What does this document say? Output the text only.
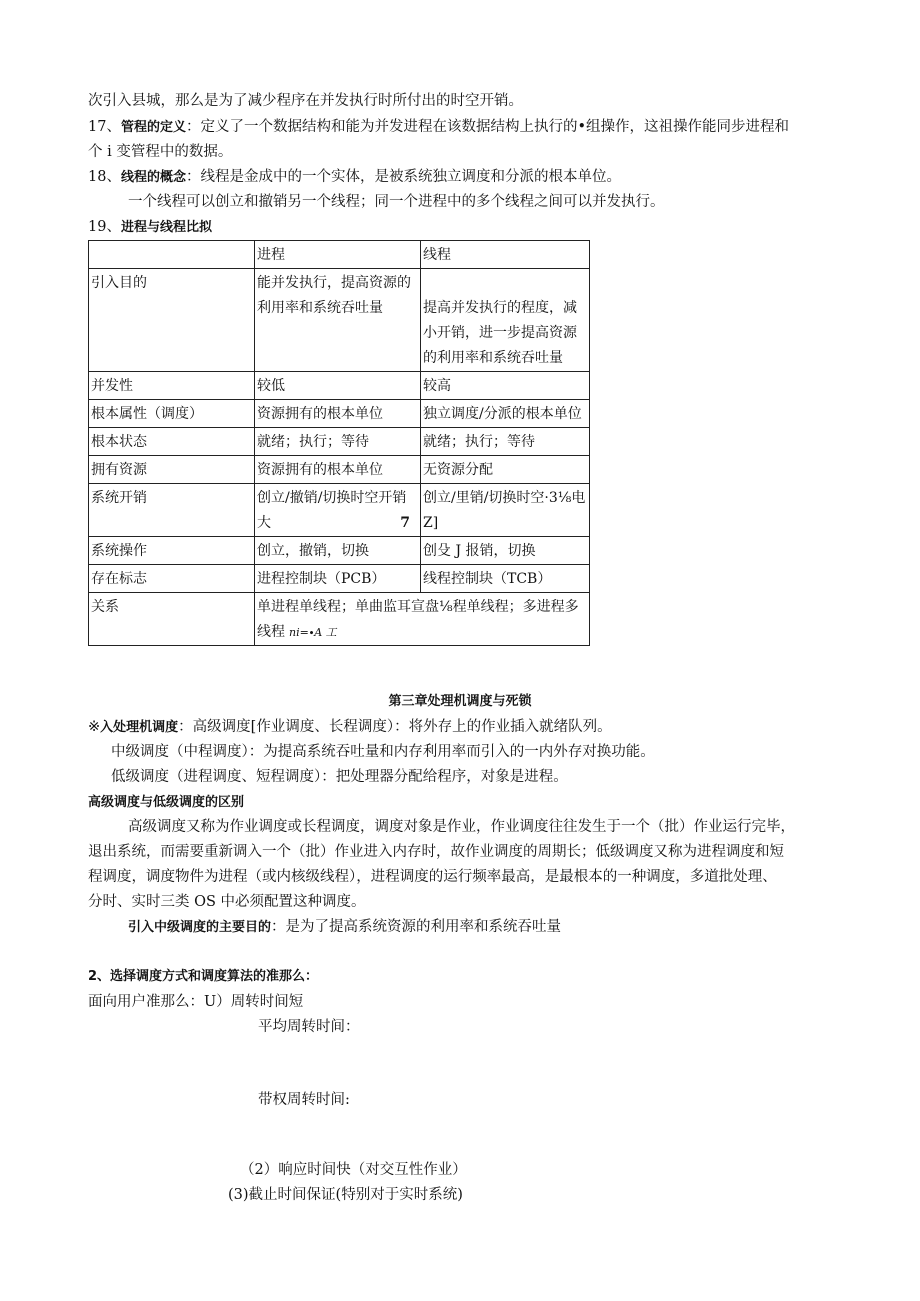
次引入县城，那么是为了减少程序在并发执行时所付出的时空开销。
17、管程的定义：定义了一个数据结构和能为并发进程在该数据结构上执行的•组操作，这祖操作能同步进程和
个 i 变管程中的数据。
18、线程的概念：线程是金成中的一个实体，是被系统独立调度和分派的根本单位。
一个线程可以创立和撤销另一个线程；同一个进程中的多个线程之间可以并发执行。
19、进程与线程比拟
	进程	线程
引入目的	能并发执行，提高资源的利用率和系统吞吐量	提高并发执行的程度，减小开销，进一步提高资源的利用率和系统吞吐量
并发性	较低	较高
根本属性（调度）	资源拥有的根本单位	独立调度/分派的根本单位
根本状态	就绪；执行；等待	就绪；执行；等待
拥有资源	资源拥有的根本单位	无资源分配
系统开销	创立/撤销/切换时空开销大 7	创立/里销/切换时空·3⅛电 Z]
系统操作	创立，撤销，切换	创殳 J 报销，切换
存在标志	进程控制块（PCB）	线程控制块（TCB）
关系	单进程单线程；单曲监耳宣盘⅛程单线程；多进程多线程 ni=∙A 工	
第三章处理机调度与死锁
※入处理机调度：高级调度[作业调度、长程调度）：将外存上的作业插入就绪队列。
中级调度（中程调度）：为提高系统吞吐量和内存利用率而引入的一内外存对换功能。
低级调度（进程调度、短程调度）：把处理器分配给程序，对象是进程。
高级调度与低级调度的区别
高级调度又称为作业调度或长程调度，调度对象是作业，作业调度往往发生于一个（批）作业运行完毕，
退出系统，而需要重新调入一个（批）作业进入内存时，故作业调度的周期长；低级调度又称为进程调度和短
程调度，调度物件为进程（或内核级线程），进程调度的运行频率最高，是最根本的一种调度，多道批处理、
分时、实时三类 OS 中必须配置这种调度。
引入中级调度的主要目的：是为了提高系统资源的利用率和系统吞吐量
2、选择调度方式和调度算法的准那么：
面向用户准那么：U）周转时间短
平均周转时间：
带权周转时间:
（2）响应时间快（对交互性作业）
(3)截止时间保证(特别对于实时系统)
